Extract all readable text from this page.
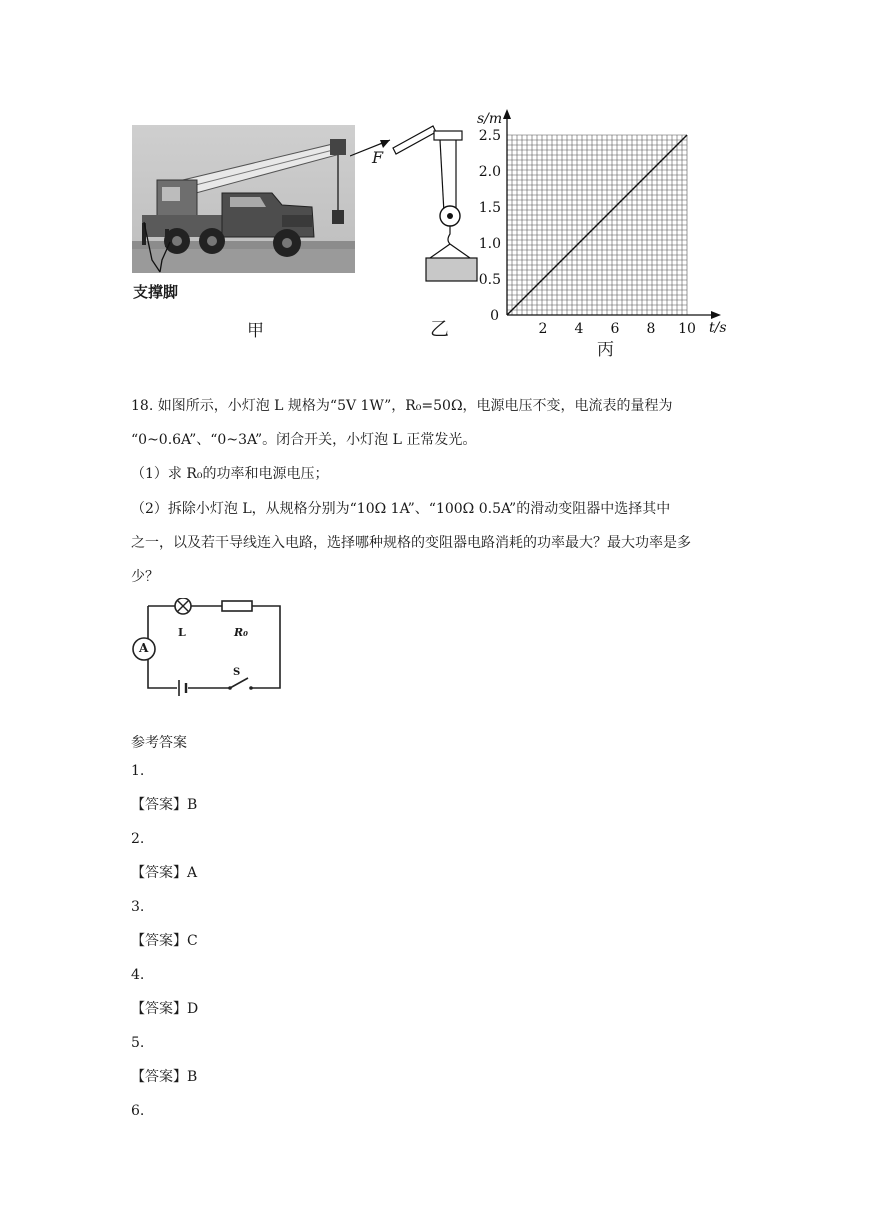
支撑脚
甲
F
乙	2 4 6 8 10
0.5
1.0
1.5
2.0
2.5
0
t/s
s/m
丙
18. 如图所示，小灯泡 L 规格为“5V 1W”，R₀=50Ω，电源电压不变，电流表的量程为
“0~0.6A”、“0~3A”。闭合开关，小灯泡 L 正常发光。
（1）求 R₀的功率和电源电压；
（2）拆除小灯泡 L，从规格分别为“10Ω 1A”、“100Ω 0.5A”的滑动变阻器中选择其中
之一，以及若干导线连入电路，选择哪种规格的变阻器电路消耗的功率最大？最大功率是多
少？
A
L	R₀
S
参考答案
1.
【答案】B
2.
【答案】A
3.
【答案】C
4.
【答案】D
5.
【答案】B
6.
